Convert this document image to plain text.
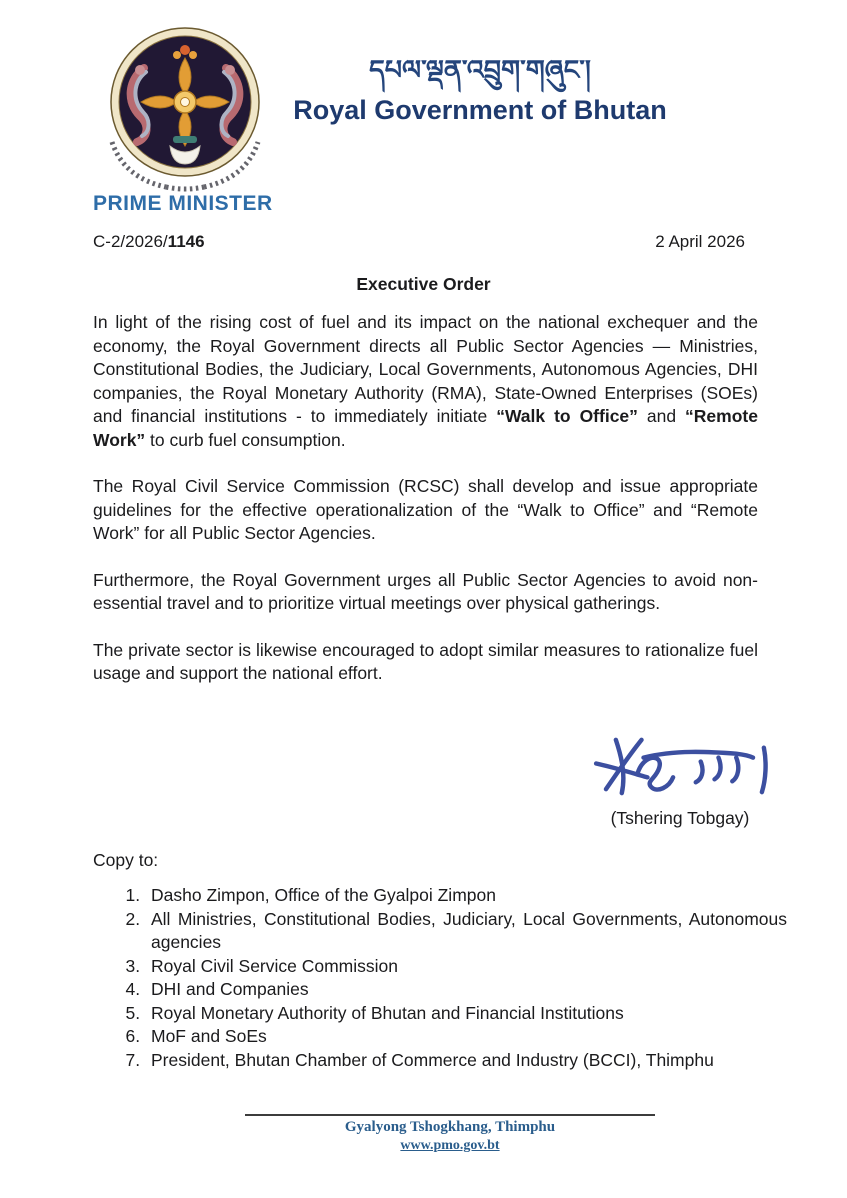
དཔལ་ལྡན་འབྲུག་གཞུང་།
Royal Government of Bhutan
PRIME MINISTER
C-2/2026/1146	2 April 2026
Executive Order

In light of the rising cost of fuel and its impact on the national exchequer and the economy, the Royal Government directs all Public Sector Agencies — Ministries, Constitutional Bodies, the Judiciary, Local Governments, Autonomous Agencies, DHI companies, the Royal Monetary Authority (RMA), State-Owned Enterprises (SOEs) and financial institutions - to immediately initiate “Walk to Office” and “Remote Work” to curb fuel consumption.

The Royal Civil Service Commission (RCSC) shall develop and issue appropriate guidelines for the effective operationalization of the “Walk to Office” and “Remote Work” for all Public Sector Agencies.

Furthermore, the Royal Government urges all Public Sector Agencies to avoid non-essential travel and to prioritize virtual meetings over physical gatherings.

The private sector is likewise encouraged to adopt similar measures to rationalize fuel usage and support the national effort.

(Tshering Tobgay)
Copy to:
1. Dasho Zimpon, Office of the Gyalpoi Zimpon
2. All Ministries, Constitutional Bodies, Judiciary, Local Governments, Autonomous agencies
3. Royal Civil Service Commission
4. DHI and Companies
5. Royal Monetary Authority of Bhutan and Financial Institutions
6. MoF and SoEs
7. President, Bhutan Chamber of Commerce and Industry (BCCI), Thimphu
Gyalyong Tshogkhang, Thimphu
www.pmo.gov.bt
